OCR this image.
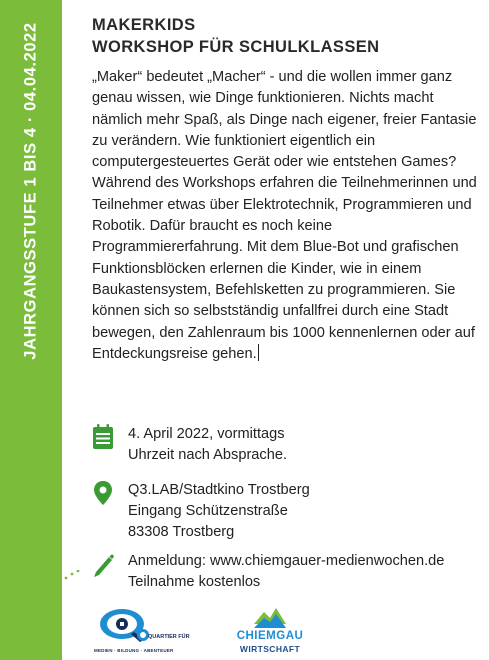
JAHRGANGSSTUFE 1 BIS 4 · 04.04.2022	MAKERKIDS
WORKSHOP FÜR SCHULKLASSEN

„Maker“ bedeutet „Macher“ - und die wollen immer ganz genau wissen, wie Dinge funktionieren. Nichts macht nämlich mehr Spaß, als Dinge nach eigener, freier Fantasie zu verändern. Wie funktioniert eigentlich ein computergesteuertes Gerät oder wie entstehen Games? Während des Workshops erfahren die Teilnehmerinnen und Teilnehmer etwas über Elektrotechnik, Programmieren und Robotik. Dafür braucht es noch keine Programmiererfahrung. Mit dem Blue-Bot und grafischen Funktionsblöcken erlernen die Kinder, wie in einem Baukastensystem, Befehlsketten zu programmieren. Sie können sich so selbstständig unfallfrei durch eine Stadt bewegen, den Zahlenraum bis 1000 kennenlernen oder auf Entdeckungsreise gehen.

4. April 2022, vormittags
Uhrzeit nach Absprache.
Q3.LAB/Stadtkino Trostberg
Eingang Schützenstraße
83308 Trostberg
Anmeldung: www.chiemgauer-medienwochen.de
Teilnahme kostenlos
QUARTIER FÜR
MEDIEN · BILDUNG · ABENTEUER
CHIEMGAU
WIRTSCHAFT
